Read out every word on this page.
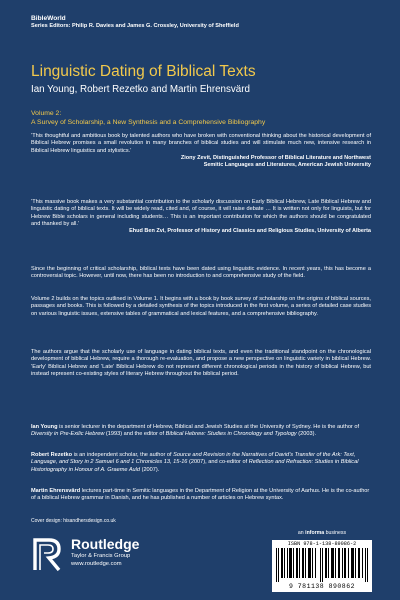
BibleWorld
Series Editors: Philip R. Davies and James G. Crossley, University of Sheffield
Linguistic Dating of Biblical Texts
Ian Young, Robert Rezetko and Martin Ehrensvärd
Volume 2:
A Survey of Scholarship, a New Synthesis and a Comprehensive Bibliography
‘This thoughtful and ambitious book by talented authors who have broken with conventional thinking about the historical development of Biblical Hebrew promises a small revolution in many branches of biblical studies and will stimulate much new, intensive research in Biblical Hebrew linguistics and stylistics.’
Ziony Zevit, Distinguished Professor of Biblical Literature and Northwest
Semitic Languages and Literatures, American Jewish University
‘This massive book makes a very substantial contribution to the scholarly discussion on Early Biblical Hebrew, Late Biblical Hebrew and linguistic dating of biblical texts. It will be widely read, cited and, of course, it will raise debate … It is written not only for linguists, but for Hebrew Bible scholars in general including students… This is an important contribution for which the authors should be congratulated and thanked by all.’
Ehud Ben Zvi, Professor of History and Classics and Religious Studies, University of Alberta
Since the beginning of critical scholarship, biblical texts have been dated using linguistic evidence. In recent years, this has become a controversial topic. However, until now, there has been no introduction to and comprehensive study of the field.
Volume 2 builds on the topics outlined in Volume 1. It begins with a book by book survey of scholarship on the origins of biblical sources, passages and books. This is followed by a detailed synthesis of the topics introduced in the first volume, a series of detailed case studies on various linguistic issues, extensive tables of grammatical and lexical features, and a comprehensive bibliography.
The authors argue that the scholarly use of language in dating biblical texts, and even the traditional standpoint on the chronological development of biblical Hebrew, require a thorough re-evaluation, and propose a new perspective on linguistic variety in biblical Hebrew. ‘Early’ Biblical Hebrew and ‘Late’ Biblical Hebrew do not represent different chronological periods in the history of biblical Hebrew, but instead represent co-existing styles of literary Hebrew throughout the biblical period.
Ian Young is senior lecturer in the department of Hebrew, Biblical and Jewish Studies at the University of Sydney. He is the author of Diversity in Pre-Exilic Hebrew (1993) and the editor of Biblical Hebrew: Studies in Chronology and Typology (2003).
Robert Rezetko is an independent scholar, the author of Source and Revision in the Narratives of David’s Transfer of the Ark: Text, Language, and Story in 2 Samuel 6 and 1 Chronicles 13, 15-16 (2007), and co-editor of Reflection and Refraction: Studies in Biblical Historiography in Honour of A. Graeme Auld (2007).
Martin Ehrensvärd lectures part-time in Semitic languages in the Department of Religion at the University of Aarhus. He is the co-author of a biblical Hebrew grammar in Danish, and he has published a number of articles on Hebrew syntax.
Cover design: hisandhersdesign.co.uk
Routledge
Taylor & Francis Group
www.routledge.com
an informa business
ISBN 978-1-138-89086-2
9 781138 890862
